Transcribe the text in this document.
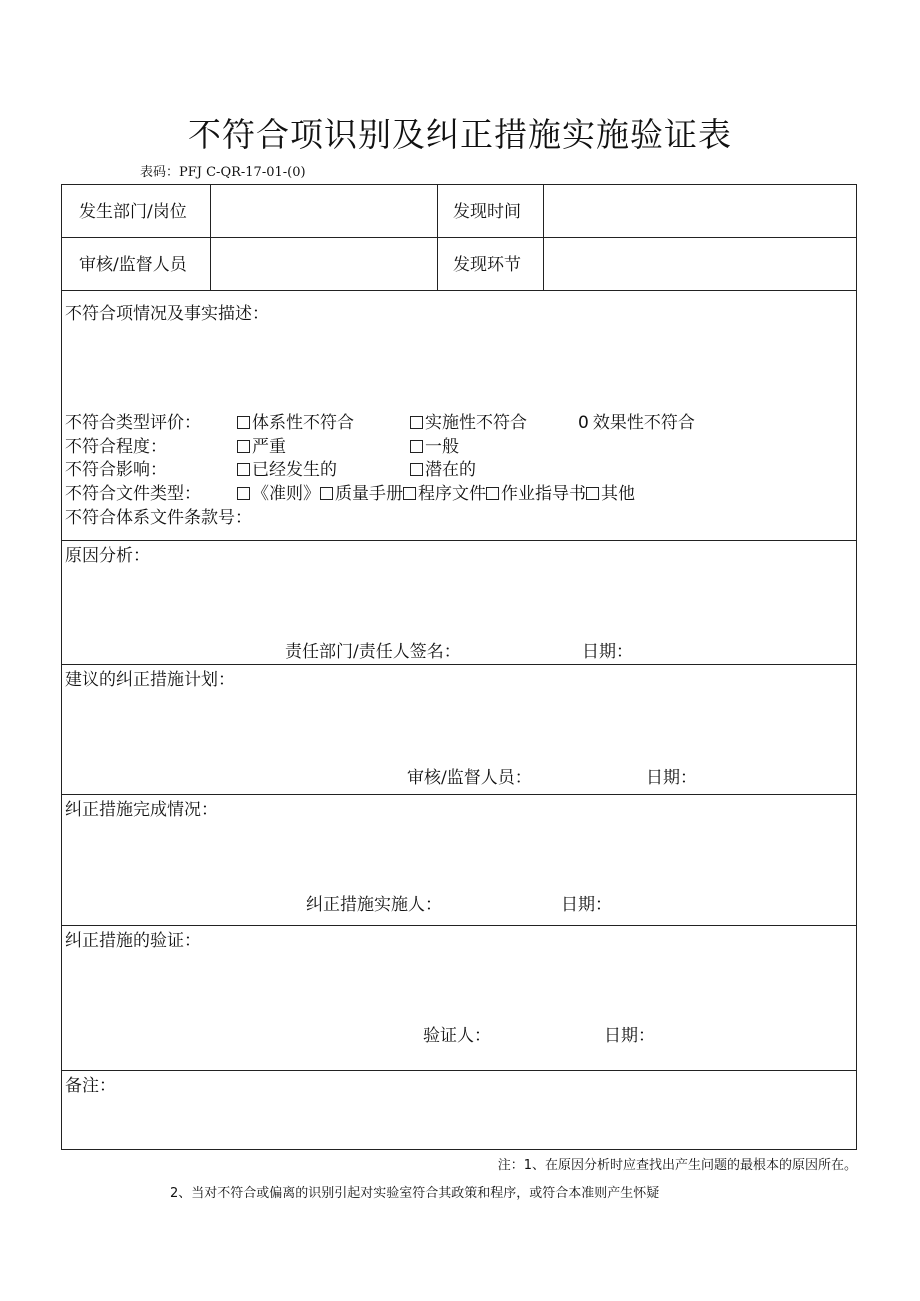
不符合项识别及纠正措施实施验证表
表码：PFJ C-QR-17-01-(0)
发生部门/岗位	发现时间
审核/监督人员	发现环节
不符合项情况及事实描述：
不符合类型评价：	体系性不符合	实施性不符合	0 效果性不符合
不符合程度：	严重	一般
不符合影响：	已经发生的	潜在的
不符合文件类型：	《准则》 质量手册 程序文件 作业指导书 其他
不符合体系文件条款号：
原因分析：
责任部门/责任人签名：	日期：
建议的纠正措施计划：
审核/监督人员：	日期：
纠正措施完成情况：
纠正措施实施人：	日期：
纠正措施的验证：
验证人：	日期：
备注：
注：1、在原因分析时应查找出产生问题的最根本的原因所在。
2、当对不符合或偏离的识别引起对实验室符合其政策和程序，或符合本准则产生怀疑
